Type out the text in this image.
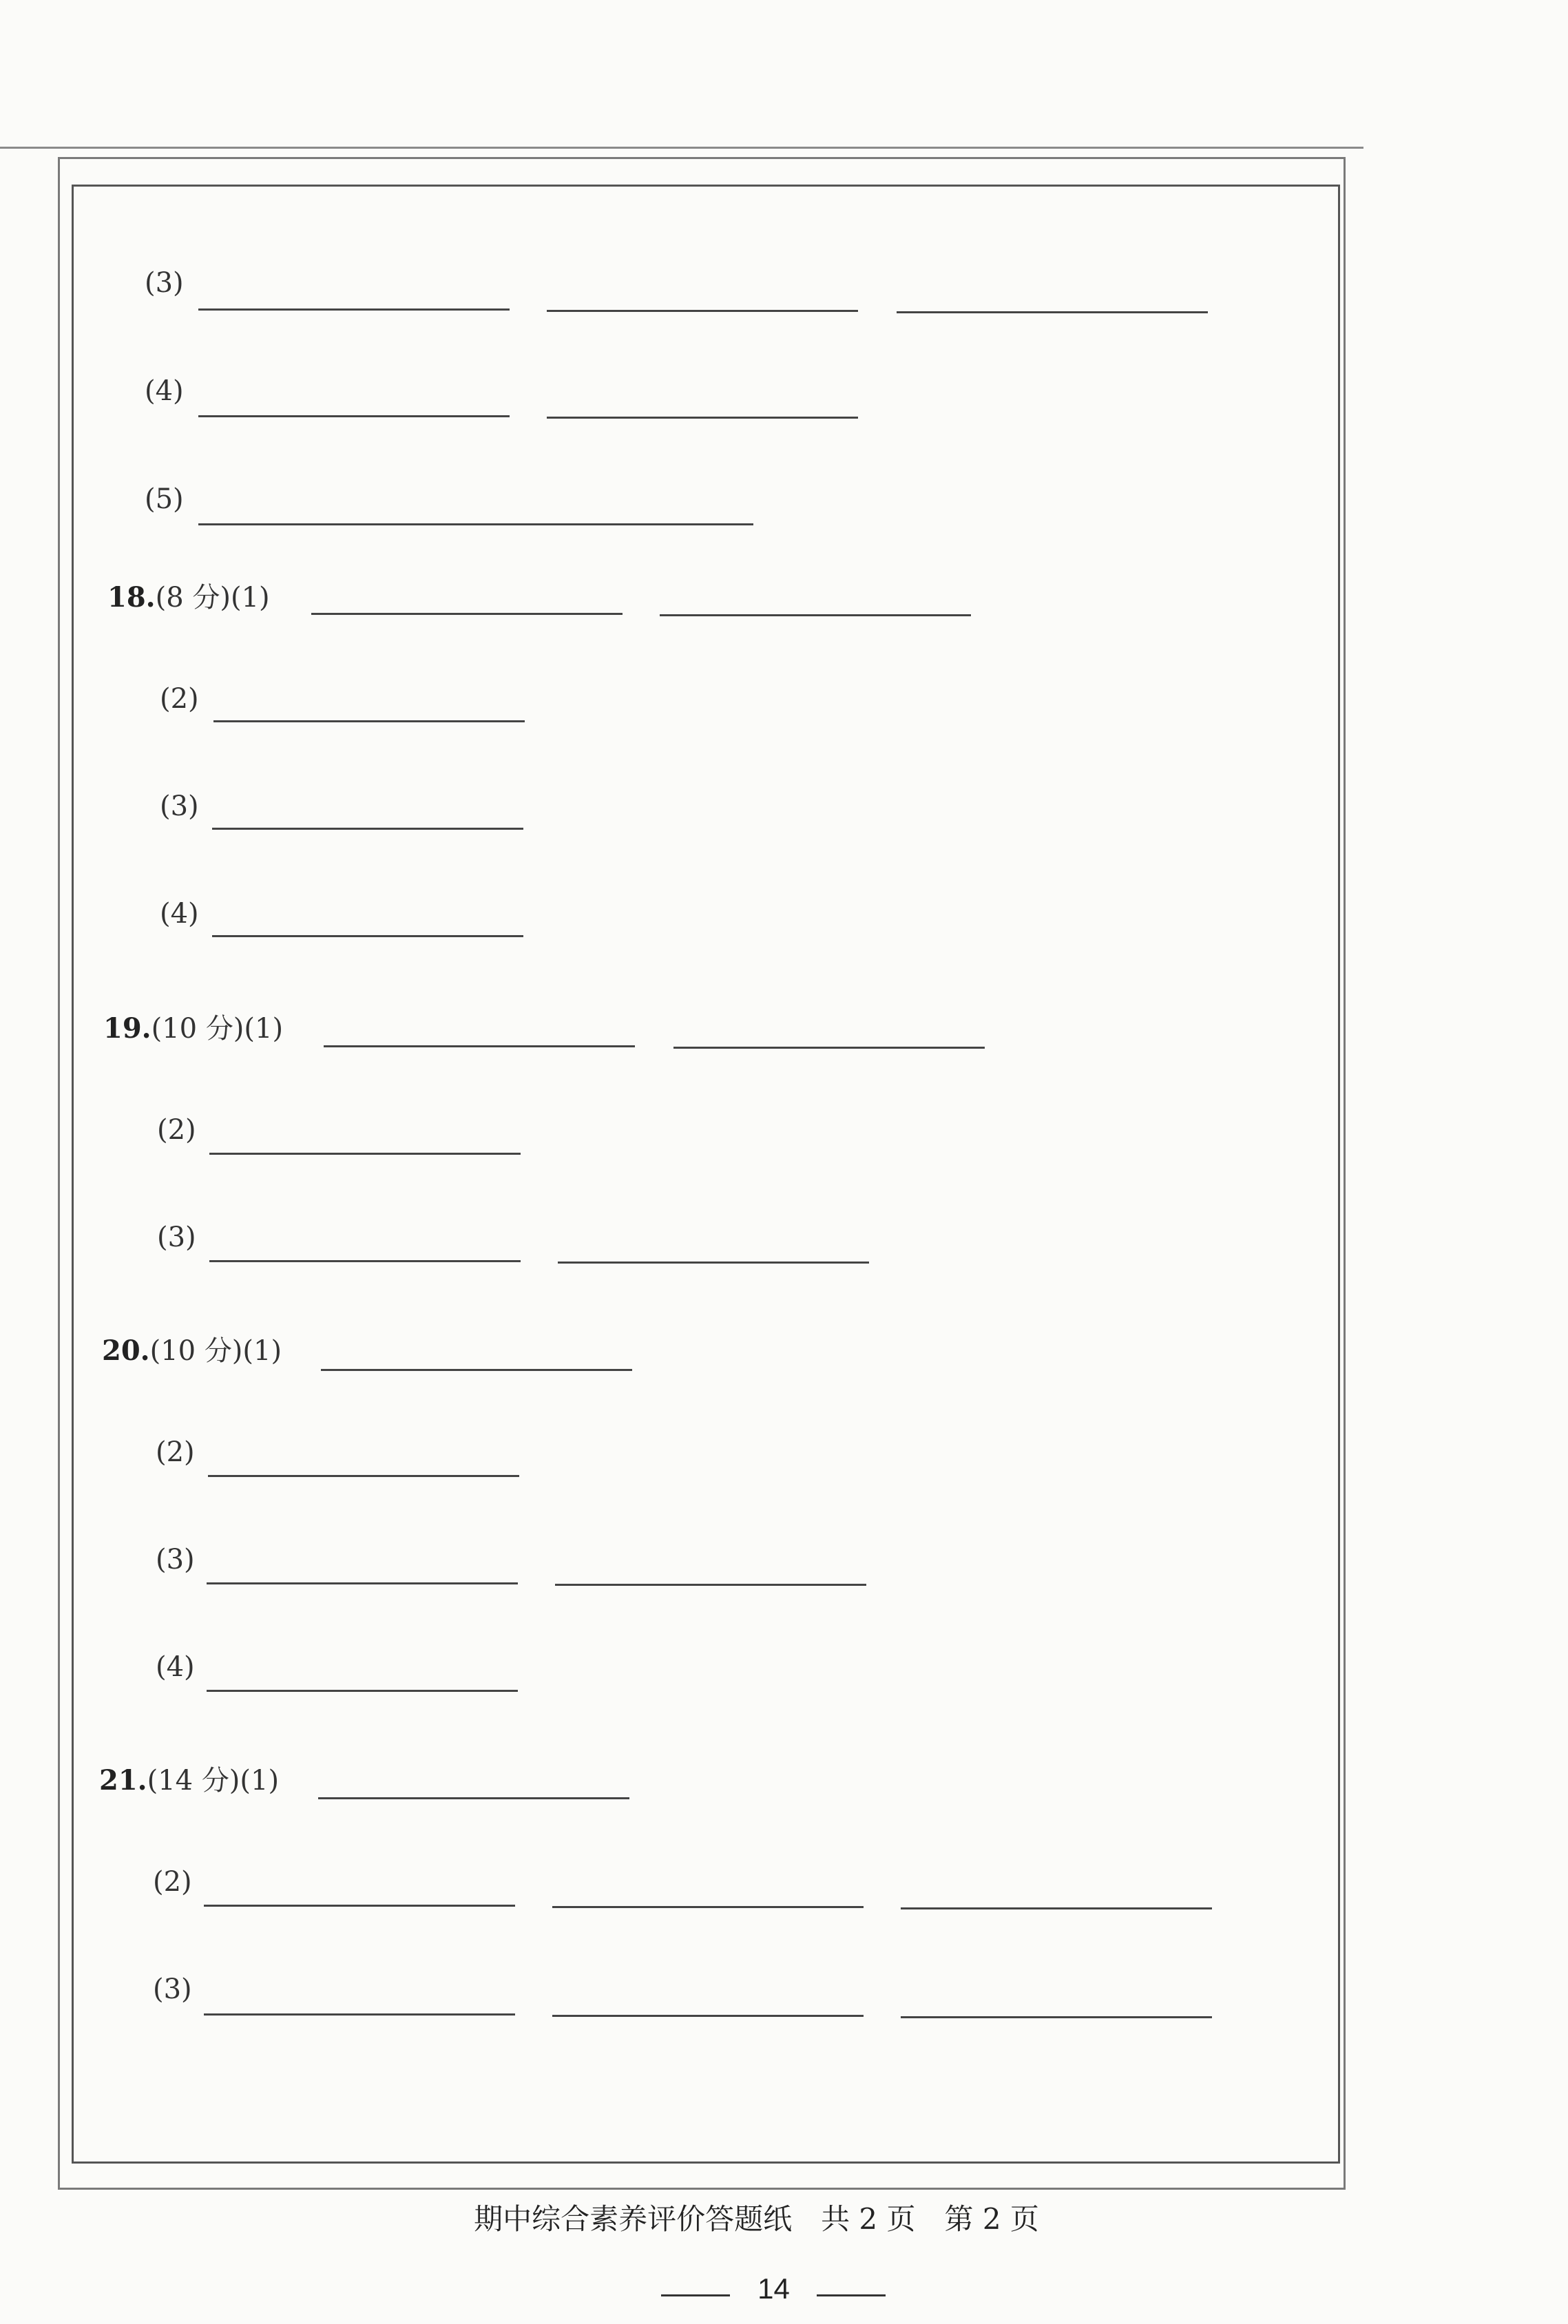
(3)
(4)
(5)
18.(8 分)(1)
(2)
(3)
(4)
19.(10 分)(1)
(2)
(3)
20.(10 分)(1)
(2)
(3)
(4)
21.(14 分)(1)
(2)
(3)
期中综合素养评价答题纸　共 2 页　第 2 页
14
